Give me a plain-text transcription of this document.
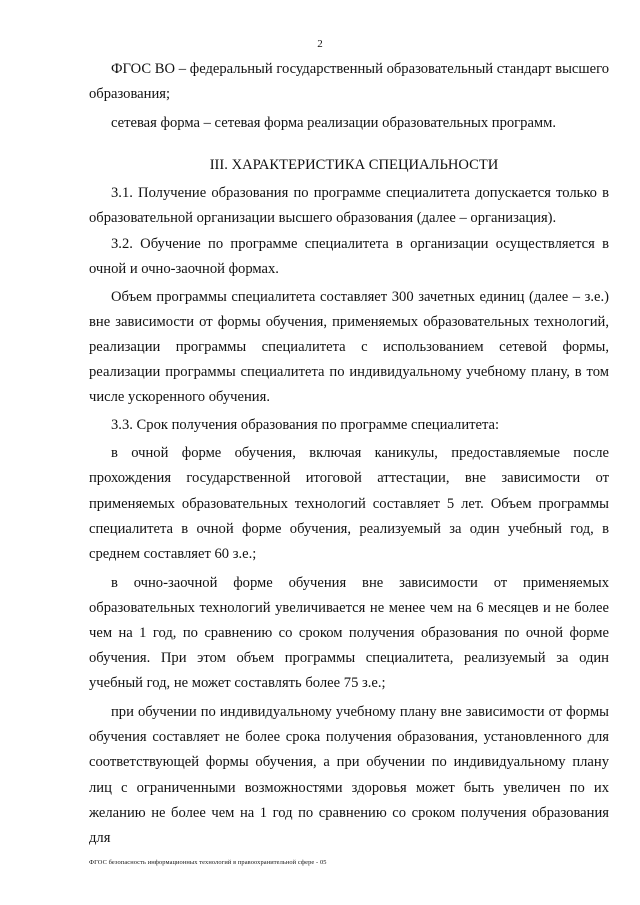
2

ФГОС ВО – федеральный государственный образовательный стандарт высшего образования;

сетевая форма – сетевая форма реализации образовательных программ.

III. ХАРАКТЕРИСТИКА СПЕЦИАЛЬНОСТИ

3.1. Получение образования по программе специалитета допускается только в образовательной организации высшего образования (далее – организация).

3.2. Обучение по программе специалитета в организации осуществляется в очной и очно-заочной формах.

Объем программы специалитета составляет 300 зачетных единиц (далее – з.е.) вне зависимости от формы обучения, применяемых образовательных технологий, реализации программы специалитета с использованием сетевой формы, реализации программы специалитета по индивидуальному учебному плану, в том числе ускоренного обучения.

3.3. Срок получения образования по программе специалитета:

в очной форме обучения, включая каникулы, предоставляемые после прохождения государственной итоговой аттестации, вне зависимости от применяемых образовательных технологий составляет 5 лет. Объем программы специалитета в очной форме обучения, реализуемый за один учебный год, в среднем составляет 60 з.е.;

в очно-заочной форме обучения вне зависимости от применяемых образовательных технологий увеличивается не менее чем на 6 месяцев и не более чем на 1 год, по сравнению со сроком получения образования по очной форме обучения. При этом объем программы специалитета, реализуемый за один учебный год, не может составлять более 75 з.е.;

при обучении по индивидуальному учебному плану вне зависимости от формы обучения составляет не более срока получения образования, установленного для соответствующей формы обучения, а при обучении по индивидуальному плану лиц с ограниченными возможностями здоровья может быть увеличен по их желанию не более чем на 1 год по сравнению со сроком получения образования для

ФГОС безопасность информационных технологий в правоохранительной сфере - 05
